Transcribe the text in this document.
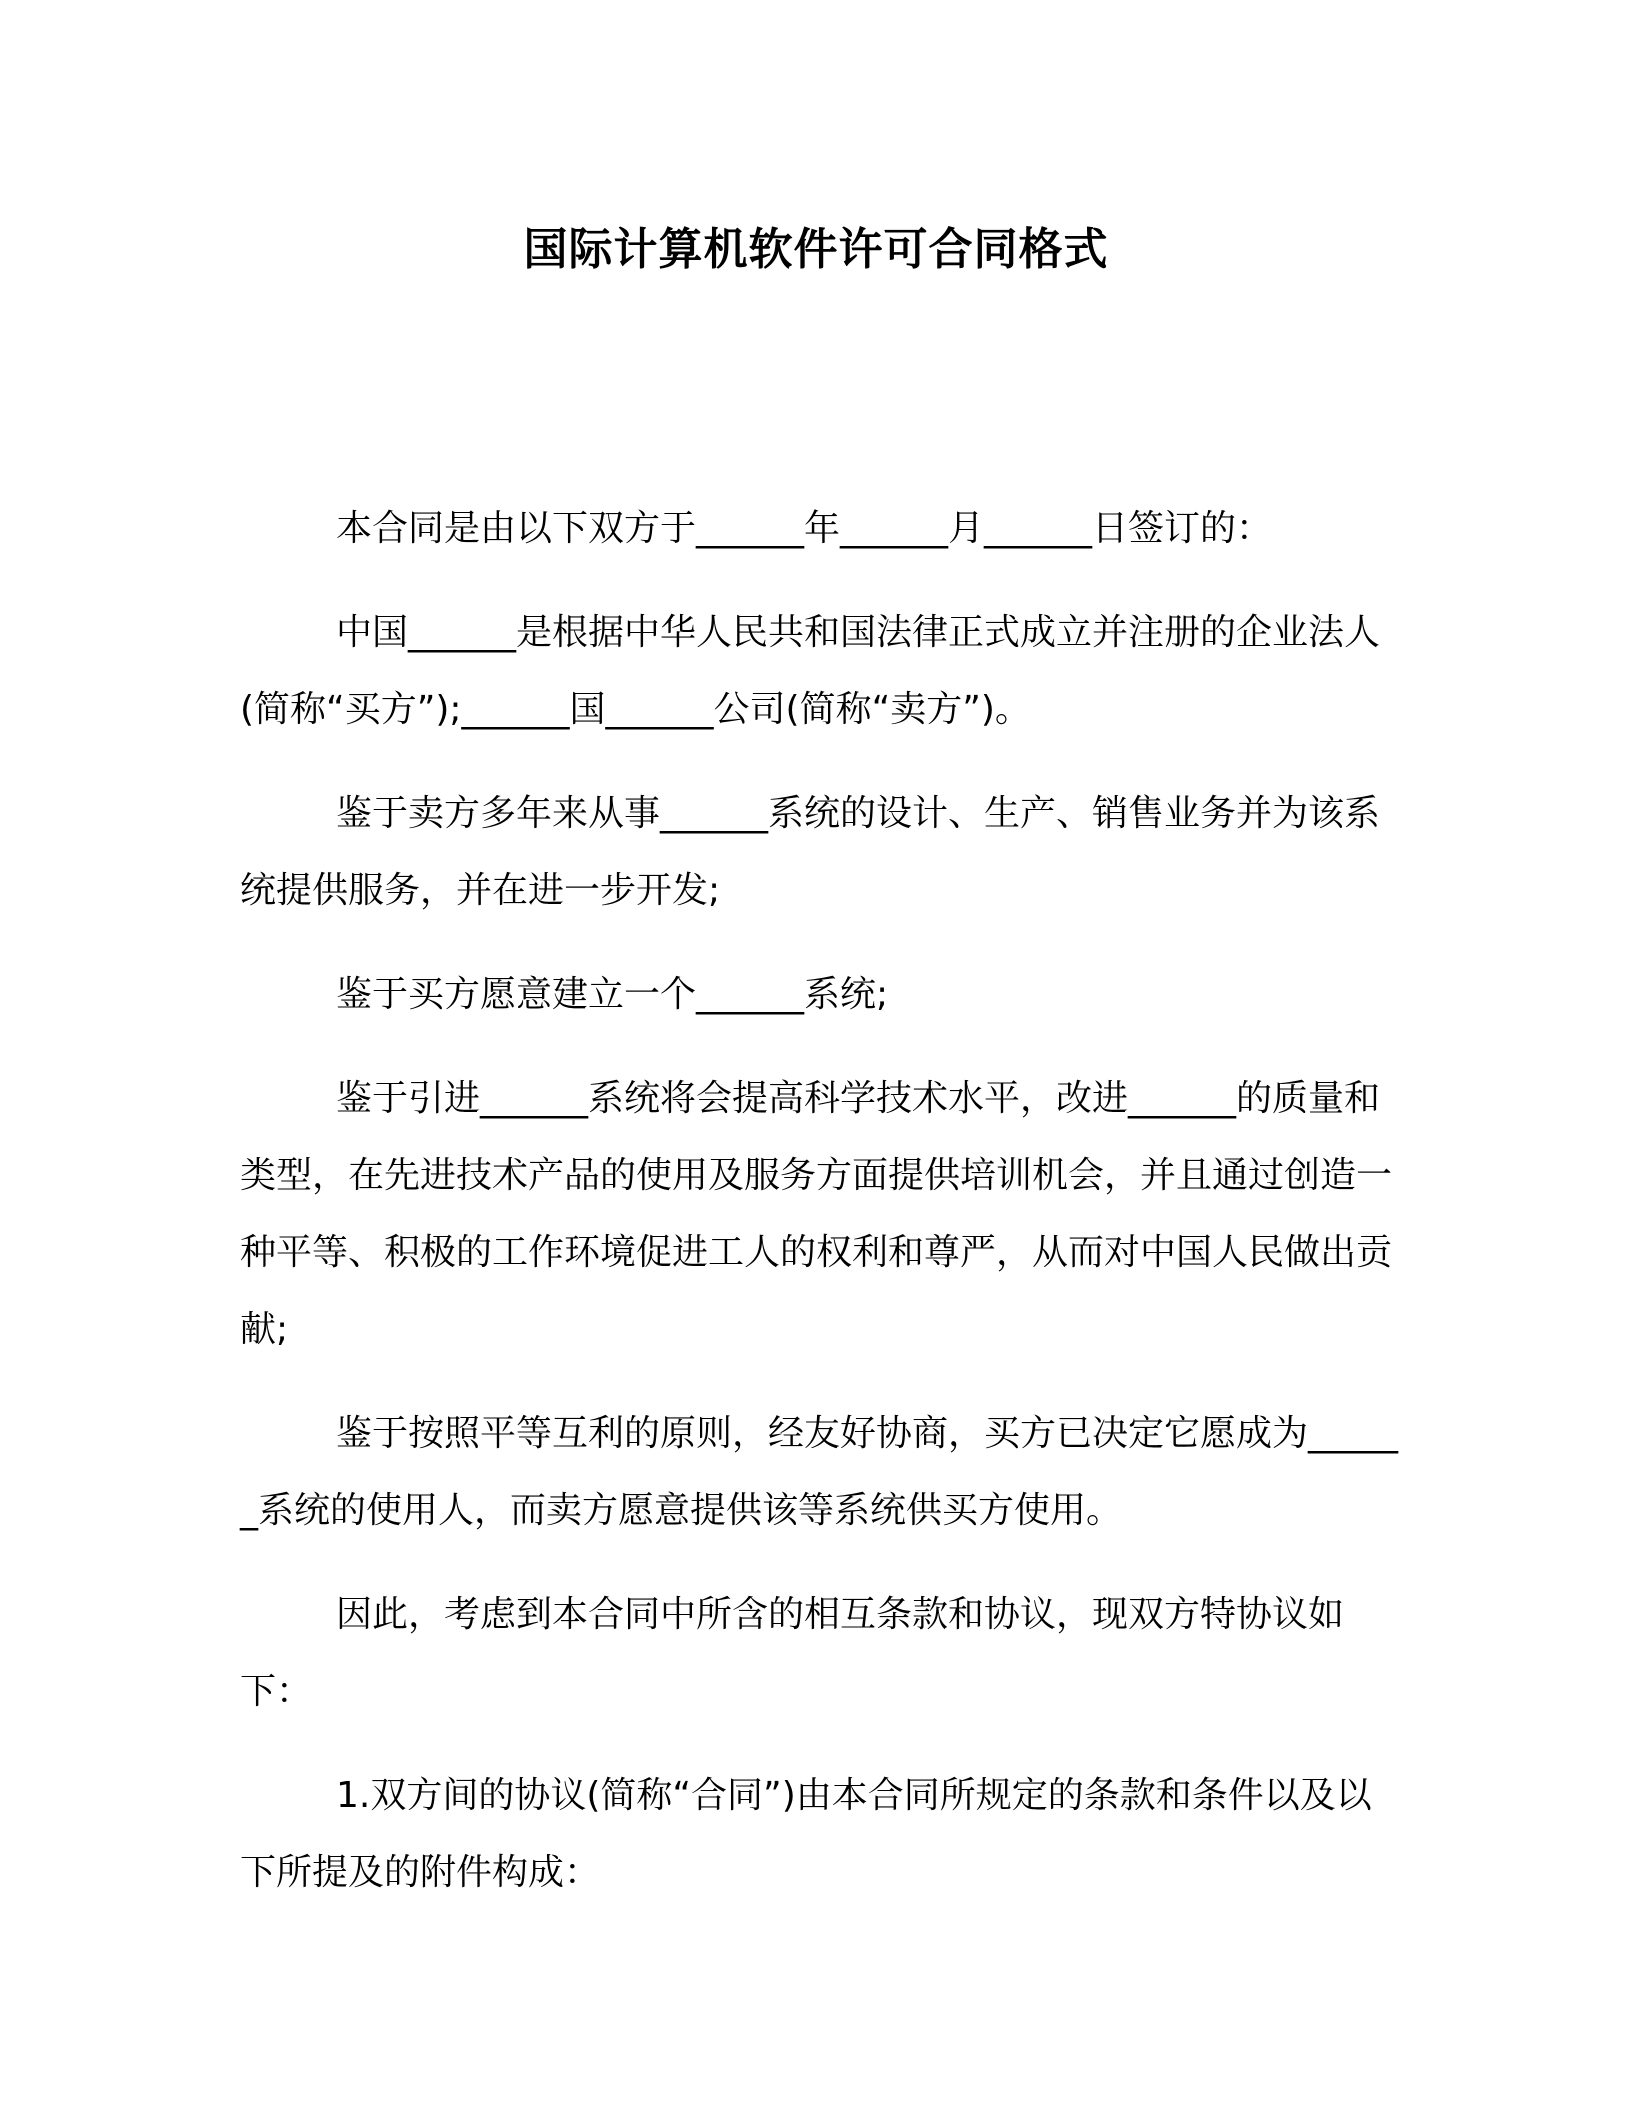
国际计算机软件许可合同格式

本合同是由以下双方于______年______月______日签订的：

中国______是根据中华人民共和国法律正式成立并注册的企业法人(简称“买方”);______国______公司(简称“卖方”)。

鉴于卖方多年来从事______系统的设计、生产、销售业务并为该系统提供服务，并在进一步开发;

鉴于买方愿意建立一个______系统;

鉴于引进______系统将会提高科学技术水平，改进______的质量和类型，在先进技术产品的使用及服务方面提供培训机会，并且通过创造一种平等、积极的工作环境促进工人的权利和尊严，从而对中国人民做出贡献;

鉴于按照平等互利的原则，经友好协商，买方已决定它愿成为______系统的使用人，而卖方愿意提供该等系统供买方使用。

因此，考虑到本合同中所含的相互条款和协议，现双方特协议如下：

1.双方间的协议(简称“合同”)由本合同所规定的条款和条件以及以下所提及的附件构成：
